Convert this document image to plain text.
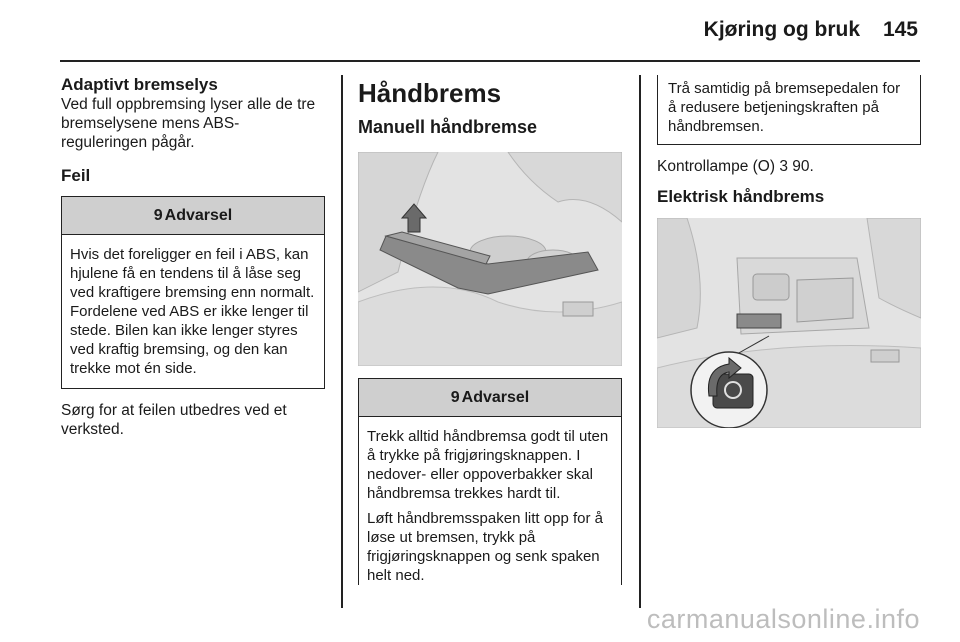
Kjøring og bruk 145
Adaptivt bremselys

Ved full oppbremsing lyser alle de tre bremselysene mens ABS-reguleringen pågår.

Feil
9 Advarsel

Hvis det foreligger en feil i ABS, kan hjulene få en tendens til å låse seg ved kraftigere bremsing enn normalt. Fordelene ved ABS er ikke lenger til stede. Bilen kan ikke lenger styres ved kraftig bremsing, og den kan trekke mot én side.

Sørg for at feilen utbedres ved et verksted.

Håndbrems
Manuell håndbremse
9 Advarsel

Trekk alltid håndbremsa godt til uten å trykke på frigjøringsknappen. I nedover- eller oppoverbakker skal håndbremsa trekkes hardt til.

Løft håndbremsspaken litt opp for å løse ut bremsen, trykk på frigjøringsknappen og senk spaken helt ned.

Trå samtidig på bremsepedalen for å redusere betjeningskraften på håndbremsen.

Kontrollampe (O) 3 90.

Elektrisk håndbrems
carmanualsonline.info
